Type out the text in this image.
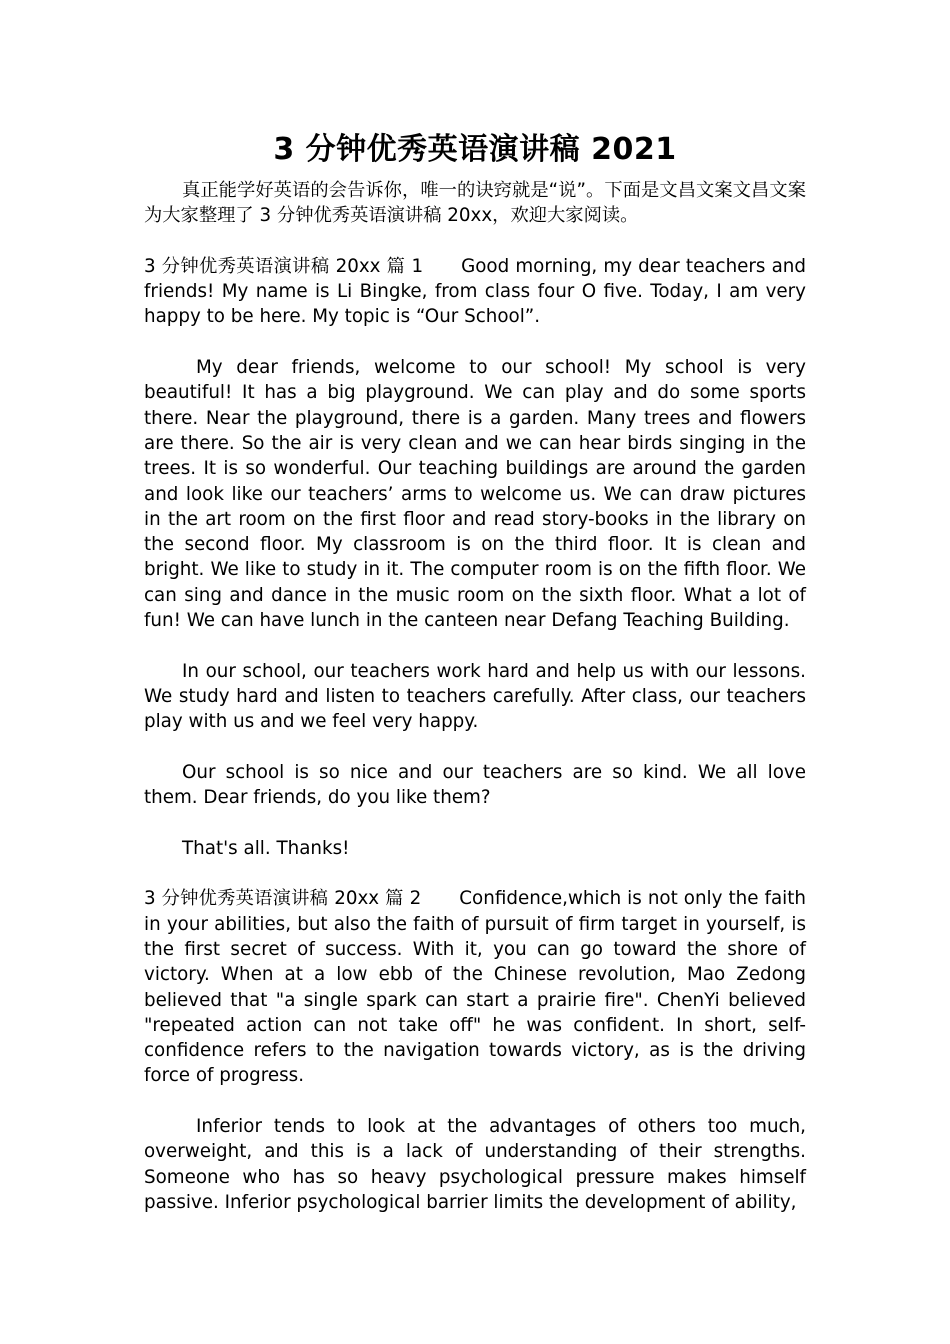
3 分钟优秀英语演讲稿 2021

真正能学好英语的会告诉你，唯一的诀窍就是“说”。下面是文昌文案文昌文案为大家整理了 3 分钟优秀英语演讲稿 20xx，欢迎大家阅读。

3 分钟优秀英语演讲稿 20xx 篇 1 Good morning, my dear teachers and friends! My name is Li Bingke, from class four O five. Today, I am very happy to be here. My topic is “Our School”.

My dear friends, welcome to our school! My school is very beautiful! It has a big playground. We can play and do some sports there. Near the playground, there is a garden. Many trees and flowers are there. So the air is very clean and we can hear birds singing in the trees. It is so wonderful. Our teaching buildings are around the garden and look like our teachers’ arms to welcome us. We can draw pictures in the art room on the first floor and read story-books in the library on the second floor. My classroom is on the third floor. It is clean and bright. We like to study in it. The computer room is on the fifth floor. We can sing and dance in the music room on the sixth floor. What a lot of fun! We can have lunch in the canteen near Defang Teaching Building.

In our school, our teachers work hard and help us with our lessons. We study hard and listen to teachers carefully. After class, our teachers play with us and we feel very happy.

Our school is so nice and our teachers are so kind. We all love them. Dear friends, do you like them?

That's all. Thanks!

3 分钟优秀英语演讲稿 20xx 篇 2 Confidence,which is not only the faith in your abilities, but also the faith of pursuit of firm target in yourself, is the first secret of success. With it, you can go toward the shore of victory. When at a low ebb of the Chinese revolution, Mao Zedong believed that "a single spark can start a prairie fire". ChenYi believed "repeated action can not take off" he was confident. In short, self-confidence refers to the navigation towards victory, as is the driving force of progress.

Inferior tends to look at the advantages of others too much, overweight, and this is a lack of understanding of their strengths. Someone who has so heavy psychological pressure makes himself passive. Inferior psychological barrier limits the development of ability,
